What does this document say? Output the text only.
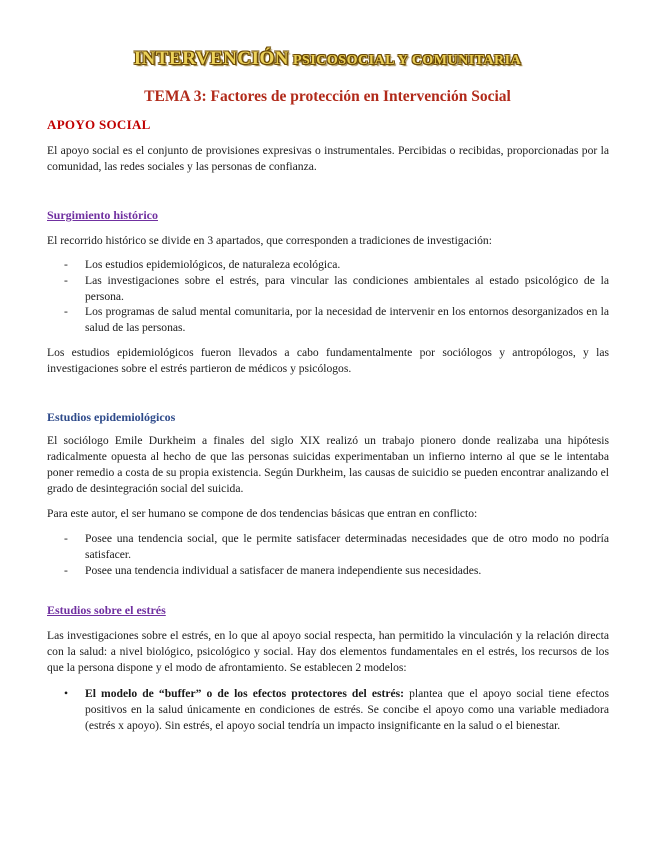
INTERVENCIÓN PSICOSOCIAL Y COMUNITARIA
TEMA 3: Factores de protección en Intervención Social
APOYO SOCIAL
El apoyo social es el conjunto de provisiones expresivas o instrumentales. Percibidas o recibidas, proporcionadas por la comunidad, las redes sociales y las personas de confianza.
Surgimiento histórico
El recorrido histórico se divide en 3 apartados, que corresponden a tradiciones de investigación:
- Los estudios epidemiológicos, de naturaleza ecológica.
- Las investigaciones sobre el estrés, para vincular las condiciones ambientales al estado psicológico de la persona.
- Los programas de salud mental comunitaria, por la necesidad de intervenir en los entornos desorganizados en la salud de las personas.
Los estudios epidemiológicos fueron llevados a cabo fundamentalmente por sociólogos y antropólogos, y las investigaciones sobre el estrés partieron de médicos y psicólogos.
Estudios epidemiológicos
El sociólogo Emile Durkheim a finales del siglo XIX realizó un trabajo pionero donde realizaba una hipótesis radicalmente opuesta al hecho de que las personas suicidas experimentaban un infierno interno al que se le intentaba poner remedio a costa de su propia existencia. Según Durkheim, las causas de suicidio se pueden encontrar analizando el grado de desintegración social del suicida.
Para este autor, el ser humano se compone de dos tendencias básicas que entran en conflicto:
- Posee una tendencia social, que le permite satisfacer determinadas necesidades que de otro modo no podría satisfacer.
- Posee una tendencia individual a satisfacer de manera independiente sus necesidades.
Estudios sobre el estrés
Las investigaciones sobre el estrés, en lo que al apoyo social respecta, han permitido la vinculación y la relación directa con la salud: a nivel biológico, psicológico y social. Hay dos elementos fundamentales en el estrés, los recursos de los que la persona dispone y el modo de afrontamiento. Se establecen 2 modelos:
• El modelo de “buffer” o de los efectos protectores del estrés: plantea que el apoyo social tiene efectos positivos en la salud únicamente en condiciones de estrés. Se concibe el apoyo como una variable mediadora (estrés x apoyo). Sin estrés, el apoyo social tendría un impacto insignificante en la salud o el bienestar.
